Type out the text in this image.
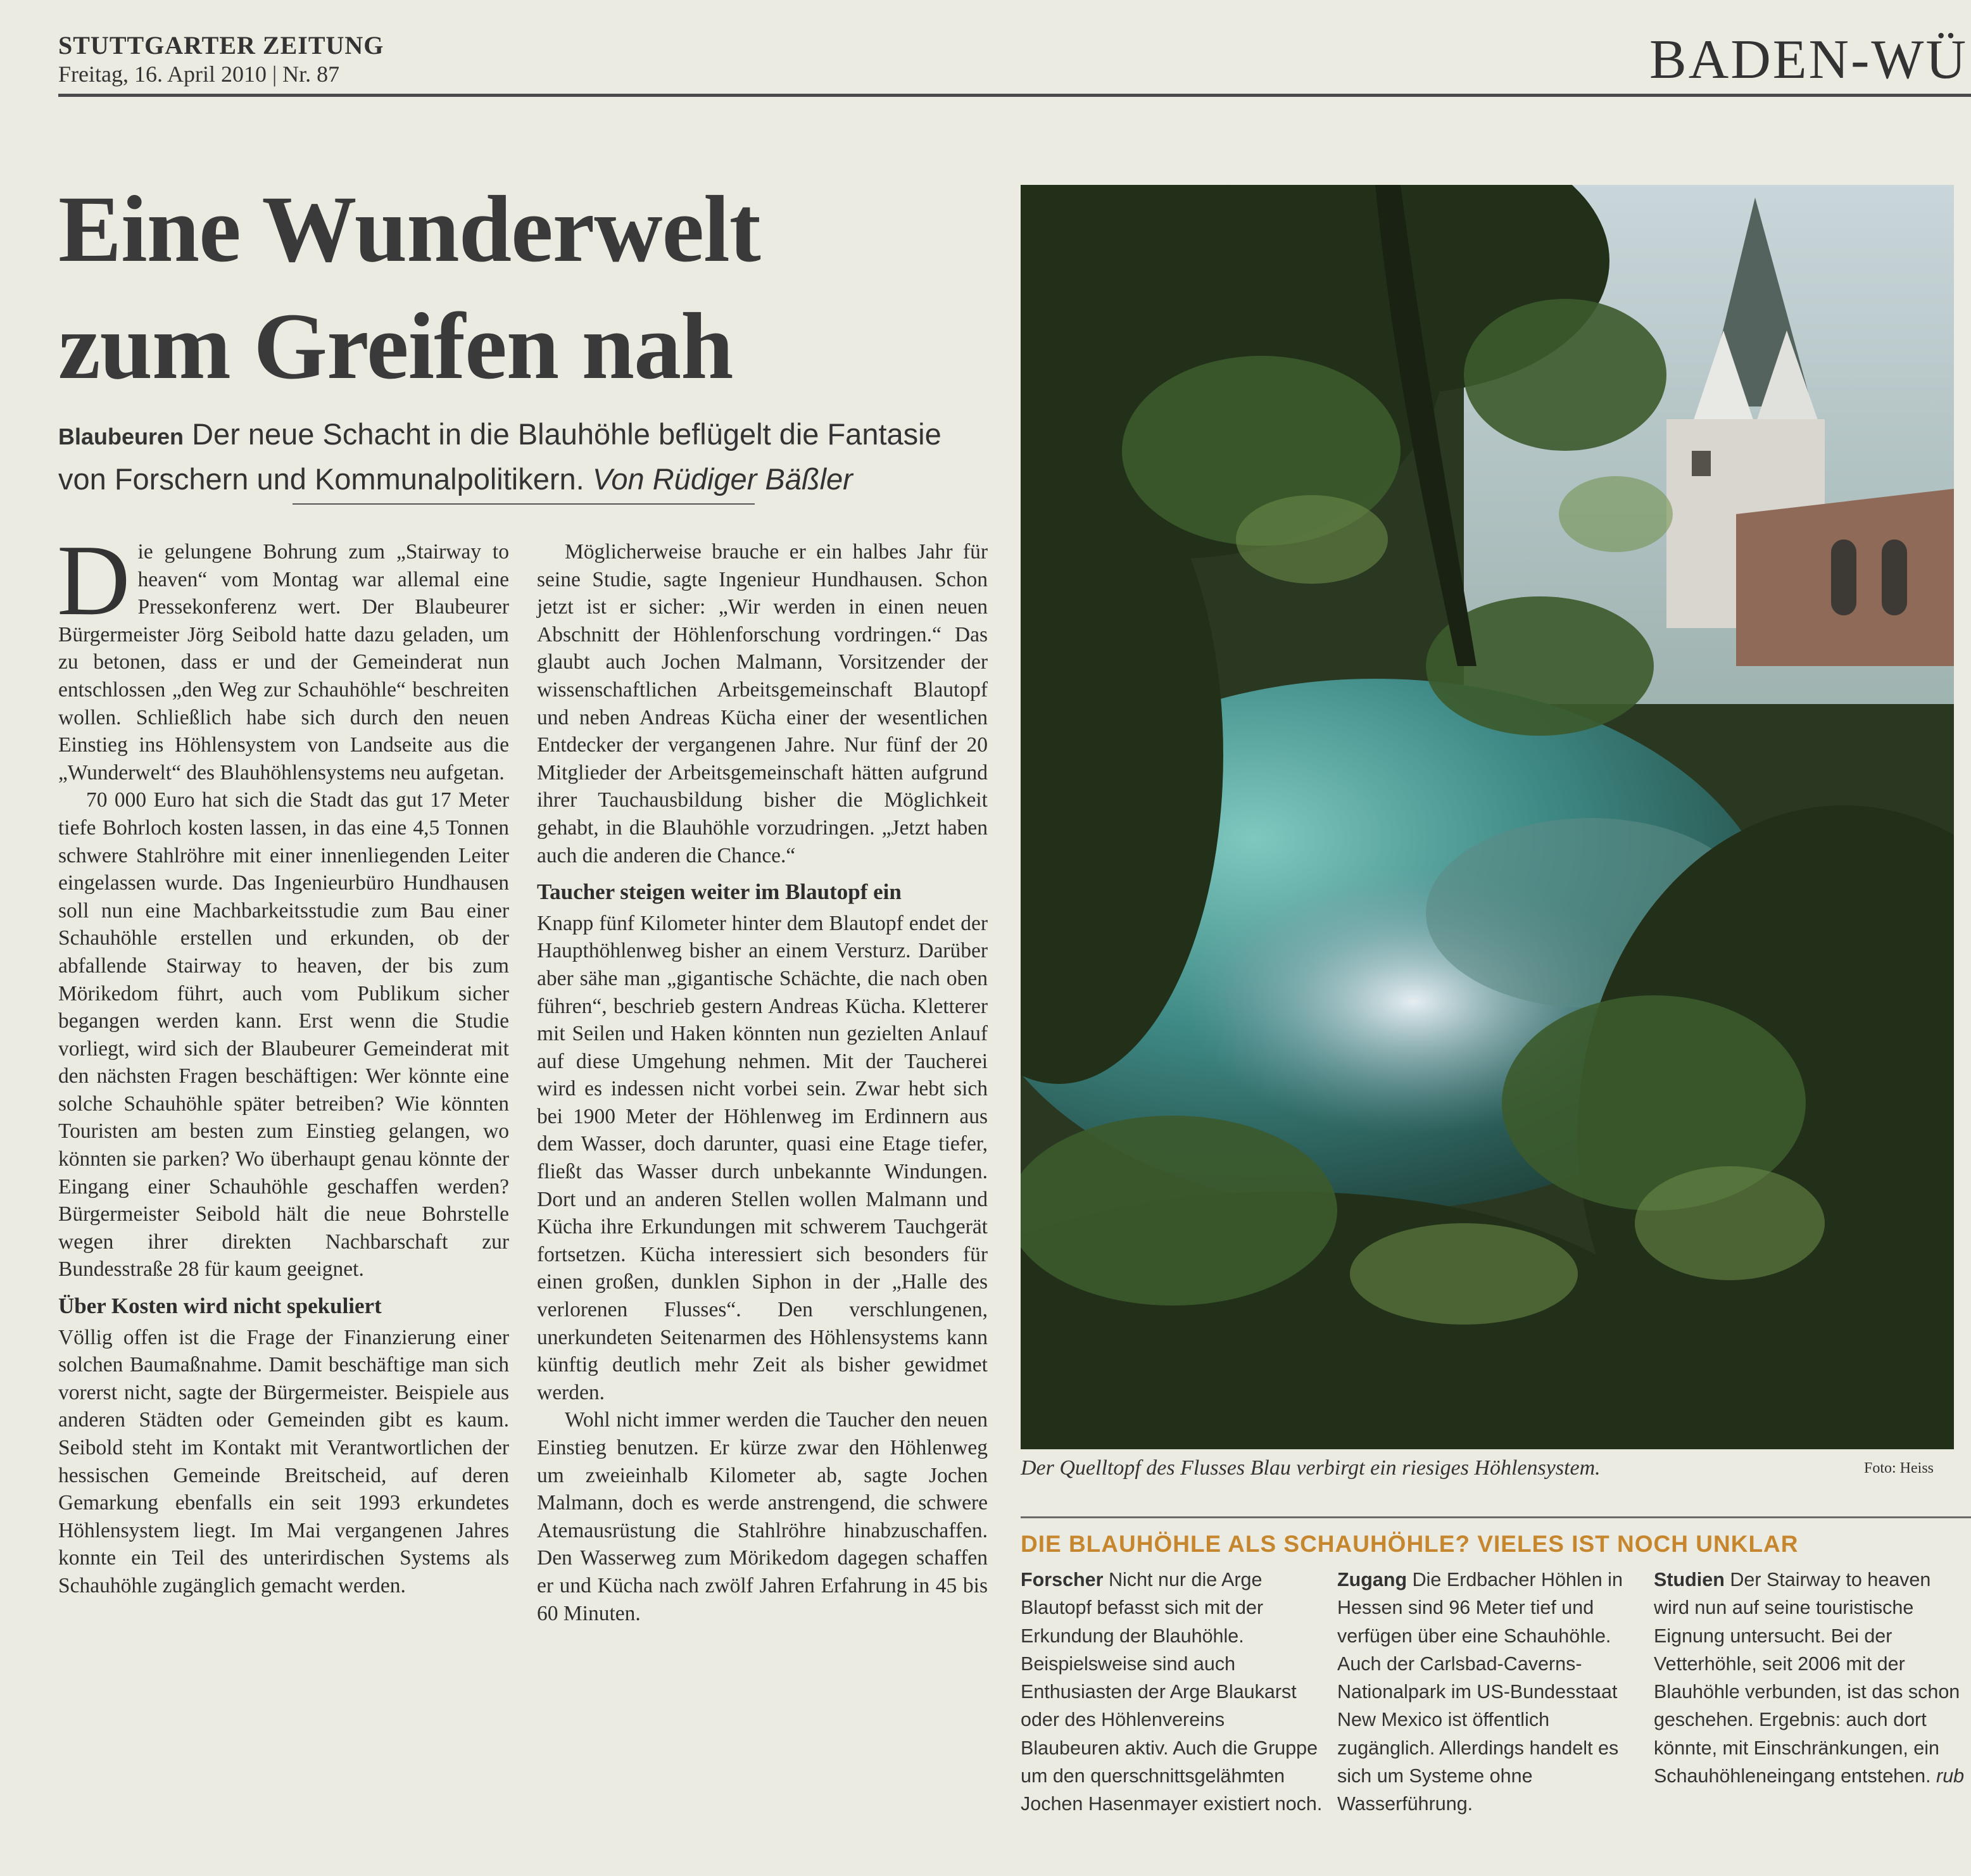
STUTTGARTER ZEITUNG
Freitag, 16. April 2010 | Nr. 87	BADEN-WÜ
Eine Wunderwelt
zum Greifen nah
Blaubeuren Der neue Schacht in die Blauhöhle beflügelt die Fantasie von Forschern und Kommunalpolitikern. Von Rüdiger Bäßler

Die gelungene Bohrung zum „Stairway to heaven“ vom Montag war allemal eine Pressekonferenz wert. Der Blaubeurer Bürgermeister Jörg Seibold hatte dazu geladen, um zu betonen, dass er und der Gemeinderat nun entschlossen „den Weg zur Schauhöhle“ beschreiten wollen. Schließlich habe sich durch den neuen Einstieg ins Höhlensystem von Landseite aus die „Wunderwelt“ des Blauhöhlensystems neu aufgetan.

70 000 Euro hat sich die Stadt das gut 17 Meter tiefe Bohrloch kosten lassen, in das eine 4,5 Tonnen schwere Stahlröhre mit einer innenliegenden Leiter eingelassen wurde. Das Ingenieurbüro Hundhausen soll nun eine Machbarkeitsstudie zum Bau einer Schauhöhle erstellen und erkunden, ob der abfallende Stairway to heaven, der bis zum Mörikedom führt, auch vom Publikum sicher begangen werden kann. Erst wenn die Studie vorliegt, wird sich der Blaubeurer Gemeinderat mit den nächsten Fragen beschäftigen: Wer könnte eine solche Schauhöhle später betreiben? Wie könnten Touristen am besten zum Einstieg gelangen, wo könnten sie parken? Wo überhaupt genau könnte der Eingang einer Schauhöhle geschaffen werden? Bürgermeister Seibold hält die neue Bohrstelle wegen ihrer direkten Nachbarschaft zur Bundesstraße 28 für kaum geeignet.

Über Kosten wird nicht spekuliert

Völlig offen ist die Frage der Finanzierung einer solchen Baumaßnahme. Damit beschäftige man sich vorerst nicht, sagte der Bürgermeister. Beispiele aus anderen Städten oder Gemeinden gibt es kaum. Seibold steht im Kontakt mit Verantwortlichen der hessischen Gemeinde Breitscheid, auf deren Gemarkung ebenfalls ein seit 1993 erkundetes Höhlensystem liegt. Im Mai vergangenen Jahres konnte ein Teil des unterirdischen Systems als Schauhöhle zugänglich gemacht werden.

Möglicherweise brauche er ein halbes Jahr für seine Studie, sagte Ingenieur Hundhausen. Schon jetzt ist er sicher: „Wir werden in einen neuen Abschnitt der Höhlenforschung vordringen.“ Das glaubt auch Jochen Malmann, Vorsitzender der wissenschaftlichen Arbeitsgemeinschaft Blautopf und neben Andreas Kücha einer der wesentlichen Entdecker der vergangenen Jahre. Nur fünf der 20 Mitglieder der Arbeitsgemeinschaft hätten aufgrund ihrer Tauchausbildung bisher die Möglichkeit gehabt, in die Blauhöhle vorzudringen. „Jetzt haben auch die anderen die Chance.“

Taucher steigen weiter im Blautopf ein

Knapp fünf Kilometer hinter dem Blautopf endet der Haupthöhlenweg bisher an einem Versturz. Darüber aber sähe man „gigantische Schächte, die nach oben führen“, beschrieb gestern Andreas Kücha. Kletterer mit Seilen und Haken könnten nun gezielten Anlauf auf diese Umgehung nehmen. Mit der Taucherei wird es indessen nicht vorbei sein. Zwar hebt sich bei 1900 Meter der Höhlenweg im Erdinnern aus dem Wasser, doch darunter, quasi eine Etage tiefer, fließt das Wasser durch unbekannte Windungen. Dort und an anderen Stellen wollen Malmann und Kücha ihre Erkundungen mit schwerem Tauchgerät fortsetzen. Kücha interessiert sich besonders für einen großen, dunklen Siphon in der „Halle des verlorenen Flusses“. Den verschlungenen, unerkundeten Seitenarmen des Höhlensystems kann künftig deutlich mehr Zeit als bisher gewidmet werden.

Wohl nicht immer werden die Taucher den neuen Einstieg benutzen. Er kürze zwar den Höhlenweg um zweieinhalb Kilometer ab, sagte Jochen Malmann, doch es werde anstrengend, die schwere Atemausrüstung die Stahlröhre hinabzuschaffen. Den Wasserweg zum Mörikedom dagegen schaffen er und Kücha nach zwölf Jahren Erfahrung in 45 bis 60 Minuten.

Der Quelltopf des Flusses Blau verbirgt ein riesiges Höhlensystem.	Foto: Heiss
DIE BLAUHÖHLE ALS SCHAUHÖHLE? VIELES IST NOCH UNKLAR
Forscher Nicht nur die Arge Blautopf befasst sich mit der Erkundung der Blauhöhle. Beispielsweise sind auch Enthusiasten der Arge Blaukarst oder des Höhlenvereins Blaubeuren aktiv. Auch die Gruppe um den querschnittsgelähmten Jochen Hasenmayer existiert noch.
Zugang Die Erdbacher Höhlen in Hessen sind 96 Meter tief und verfügen über eine Schauhöhle. Auch der Carlsbad-Caverns-Nationalpark im US-Bundesstaat New Mexico ist öffentlich zugänglich. Allerdings handelt es sich um Systeme ohne Wasserführung.
Studien Der Stairway to heaven wird nun auf seine touristische Eignung untersucht. Bei der Vetterhöhle, seit 2006 mit der Blauhöhle verbunden, ist das schon geschehen. Ergebnis: auch dort könnte, mit Einschränkungen, ein Schauhöhleneingang entstehen. rub
